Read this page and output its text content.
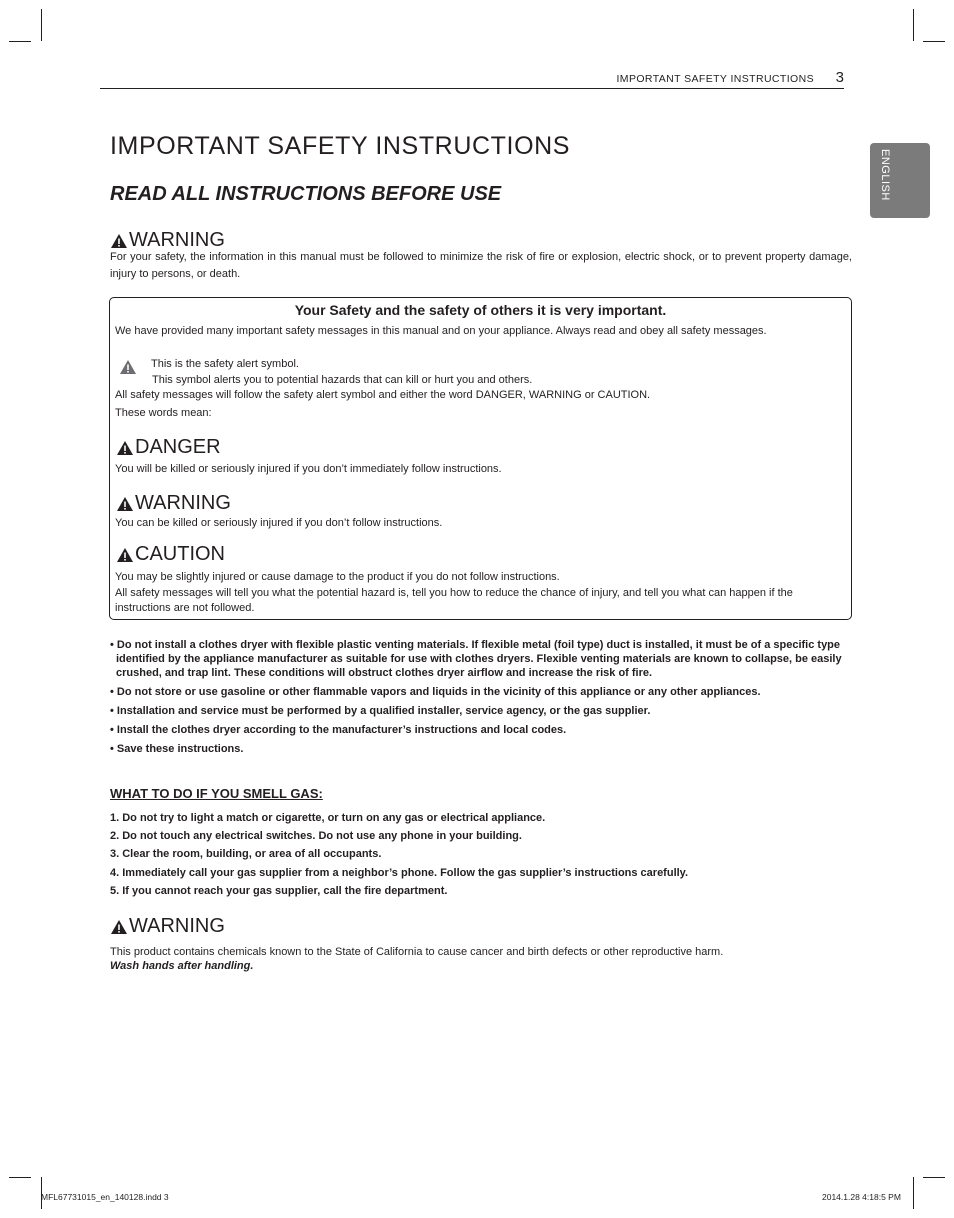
IMPORTANT SAFETY INSTRUCTIONS 3
ENGLISH
IMPORTANT SAFETY INSTRUCTIONS
READ ALL INSTRUCTIONS BEFORE USE
WARNING

For your safety, the information in this manual must be followed to minimize the risk of fire or explosion, electric shock, or to prevent property damage, injury to persons, or death.

Your Safety and the safety of others it is very important.
We have provided many important safety messages in this manual and on your appliance. Always read and obey all safety messages.
This is the safety alert symbol.
This symbol alerts you to potential hazards that can kill or hurt you and others.
All safety messages will follow the safety alert symbol and either the word DANGER, WARNING or CAUTION.
These words mean:
DANGER
You will be killed or seriously injured if you don’t immediately follow instructions.
WARNING
You can be killed or seriously injured if you don’t follow instructions.
CAUTION
You may be slightly injured or cause damage to the product if you do not follow instructions.

All safety messages will tell you what the potential hazard is, tell you how to reduce the chance of injury, and tell you what can happen if the instructions are not followed.

• Do not install a clothes dryer with flexible plastic venting materials. If flexible metal (foil type) duct is installed, it must be of a specific type identified by the appliance manufacturer as suitable for use with clothes dryers. Flexible venting materials are known to collapse, be easily crushed, and trap lint. These conditions will obstruct clothes dryer airflow and increase the risk of fire.
• Do not store or use gasoline or other flammable vapors and liquids in the vicinity of this appliance or any other appliances.
• Installation and service must be performed by a qualified installer, service agency, or the gas supplier.
• Install the clothes dryer according to the manufacturer’s instructions and local codes.
• Save these instructions.
WHAT TO DO IF YOU SMELL GAS:
1. Do not try to light a match or cigarette, or turn on any gas or electrical appliance.
2. Do not touch any electrical switches. Do not use any phone in your building.
3. Clear the room, building, or area of all occupants.
4. Immediately call your gas supplier from a neighbor’s phone. Follow the gas supplier’s instructions carefully.
5. If you cannot reach your gas supplier, call the fire department.
WARNING
This product contains chemicals known to the State of California to cause cancer and birth defects or other reproductive harm.
Wash hands after handling.
MFL67731015_en_140128.indd 3	2014.1.28 4:18:5 PM
